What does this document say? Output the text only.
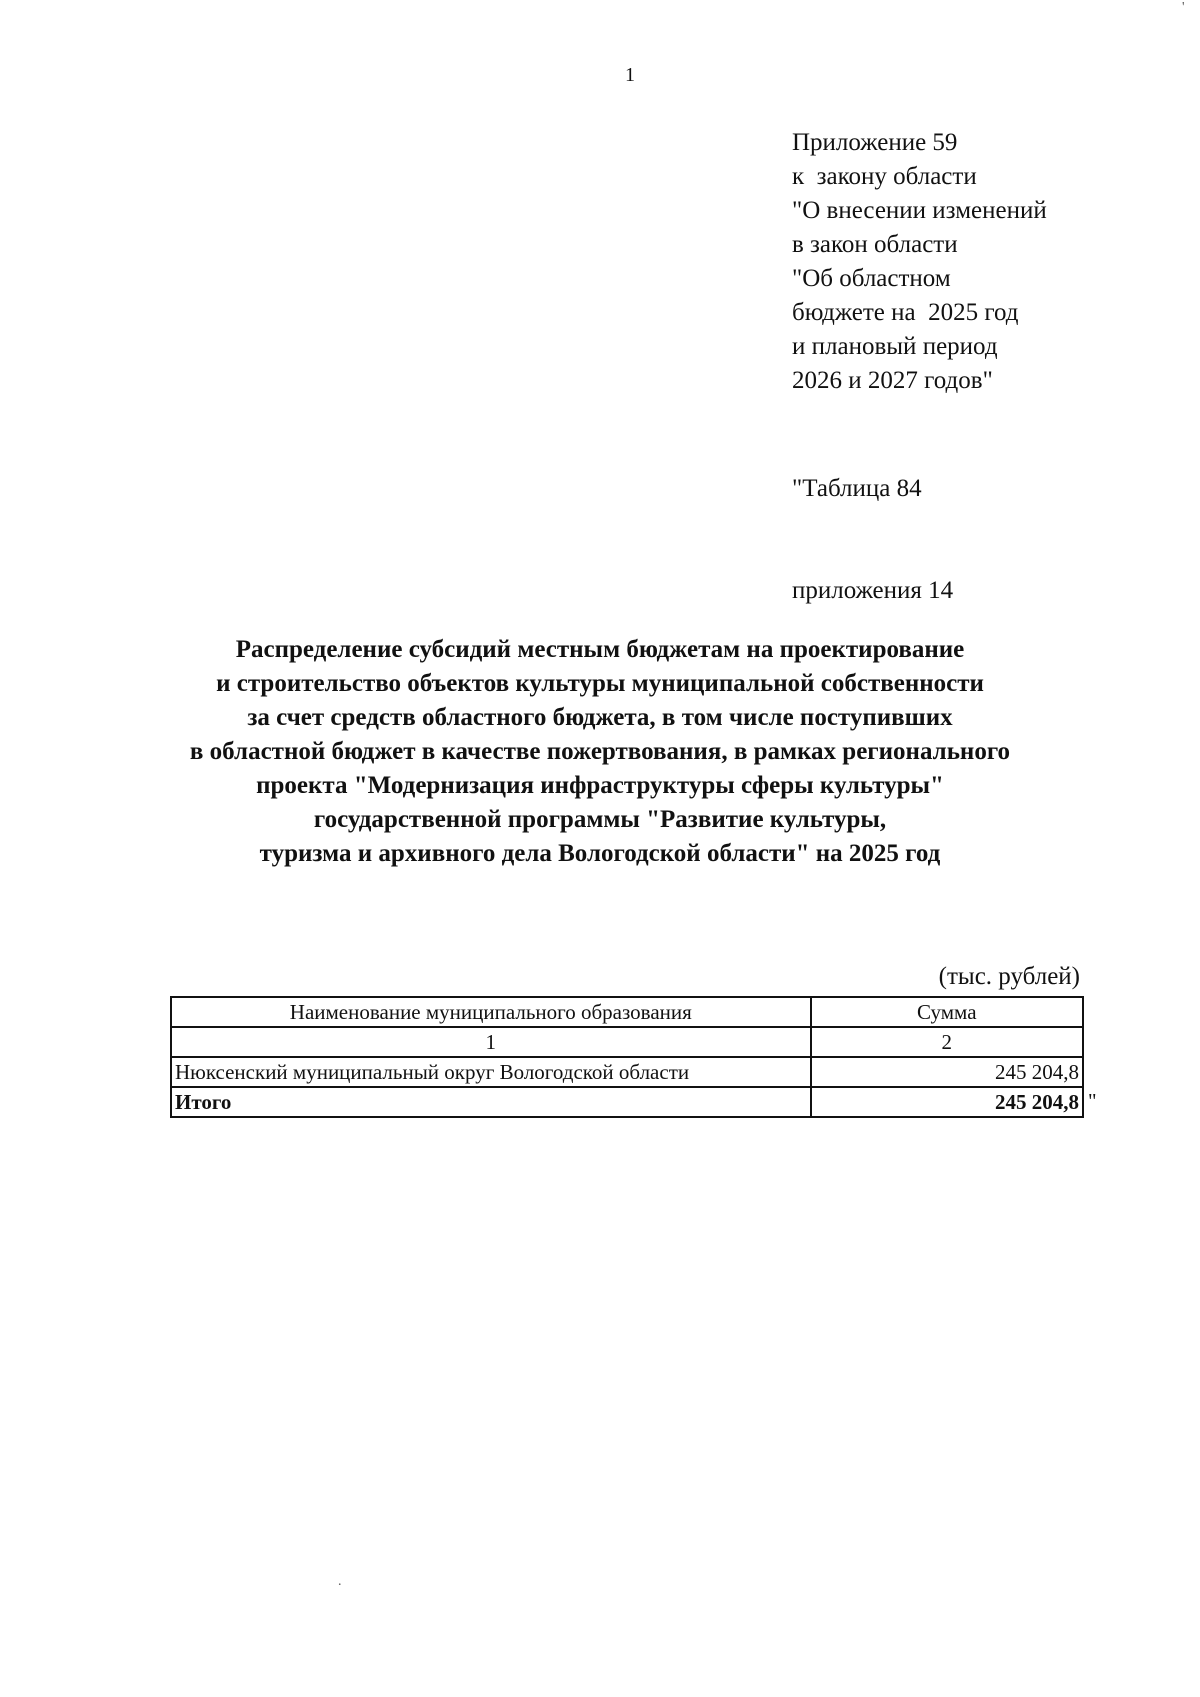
'
1
Приложение 59
к  закону области
"О внесении изменений
в закон области
"Об областном
бюджете на  2025 год
и плановый период
2026 и 2027 годов"

"Таблица 84

приложения 14

Распределение субсидий местным бюджетам на проектирование
и строительство объектов культуры муниципальной собственности
за счет средств областного бюджета, в том числе поступивших
в областной бюджет в качестве пожертвования, в рамках регионального
проекта "Модернизация инфраструктуры сферы культуры"
государственной программы "Развитие культуры,
туризма и архивного дела Вологодской области" на 2025 год
(тыс. рублей)
Наименование муниципального образования	Сумма
1	2
Нюксенский муниципальный округ Вологодской области	245 204,8
Итого	245 204,8 "
.
